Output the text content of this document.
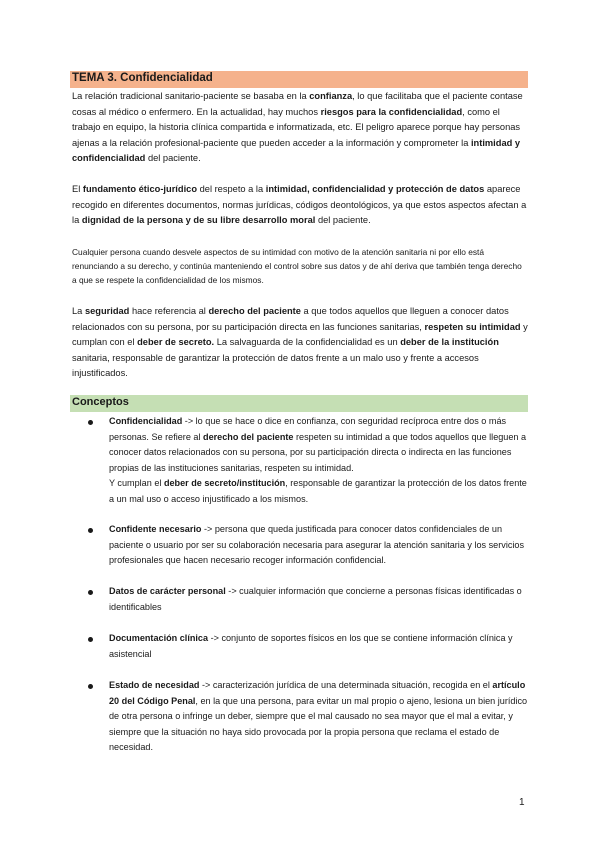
TEMA 3. Confidencialidad
La relación tradicional sanitario-paciente se basaba en la confianza, lo que facilitaba que el paciente contase cosas al médico o enfermero. En la actualidad, hay muchos riesgos para la confidencialidad, como el trabajo en equipo, la historia clínica compartida e informatizada, etc. El peligro aparece porque hay personas ajenas a la relación profesional-paciente que pueden acceder a la información y comprometer la intimidad y confidencialidad del paciente.
El fundamento ético-jurídico del respeto a la intimidad, confidencialidad y protección de datos aparece recogido en diferentes documentos, normas jurídicas, códigos deontológicos, ya que estos aspectos afectan a la dignidad de la persona y de su libre desarrollo moral del paciente.
Cualquier persona cuando desvele aspectos de su intimidad con motivo de la atención sanitaria ni por ello está renunciando a su derecho, y continúa manteniendo el control sobre sus datos y de ahí deriva que también tenga derecho a que se respete la confidencialidad de los mismos.
La seguridad hace referencia al derecho del paciente a que todos aquellos que lleguen a conocer datos relacionados con su persona, por su participación directa en las funciones sanitarias, respeten su intimidad y cumplan con el deber de secreto. La salvaguarda de la confidencialidad es un deber de la institución sanitaria, responsable de garantizar la protección de datos frente a un malo uso y frente a accesos injustificados.
Conceptos
Confidencialidad -> lo que se hace o dice en confianza, con seguridad recíproca entre dos o más personas. Se refiere al derecho del paciente respeten su intimidad a que todos aquellos que lleguen a conocer datos relacionados con su persona, por su participación directa o indirecta en las funciones propias de las instituciones sanitarias, respeten su intimidad.
Y cumplan el deber de secreto/institución, responsable de garantizar la protección de los datos frente a un mal uso o acceso injustificado a los mismos.
Confidente necesario -> persona que queda justificada para conocer datos confidenciales de un paciente o usuario por ser su colaboración necesaria para asegurar la atención sanitaria y los servicios profesionales que hacen necesario recoger información confidencial.
Datos de carácter personal -> cualquier información que concierne a personas físicas identificadas o identificables
Documentación clínica -> conjunto de soportes físicos en los que se contiene información clínica y asistencial
Estado de necesidad -> caracterización jurídica de una determinada situación, recogida en el artículo 20 del Código Penal, en la que una persona, para evitar un mal propio o ajeno, lesiona un bien jurídico de otra persona o infringe un deber, siempre que el mal causado no sea mayor que el mal a evitar, y siempre que la situación no haya sido provocada por la propia persona que reclama el estado de necesidad.
1
